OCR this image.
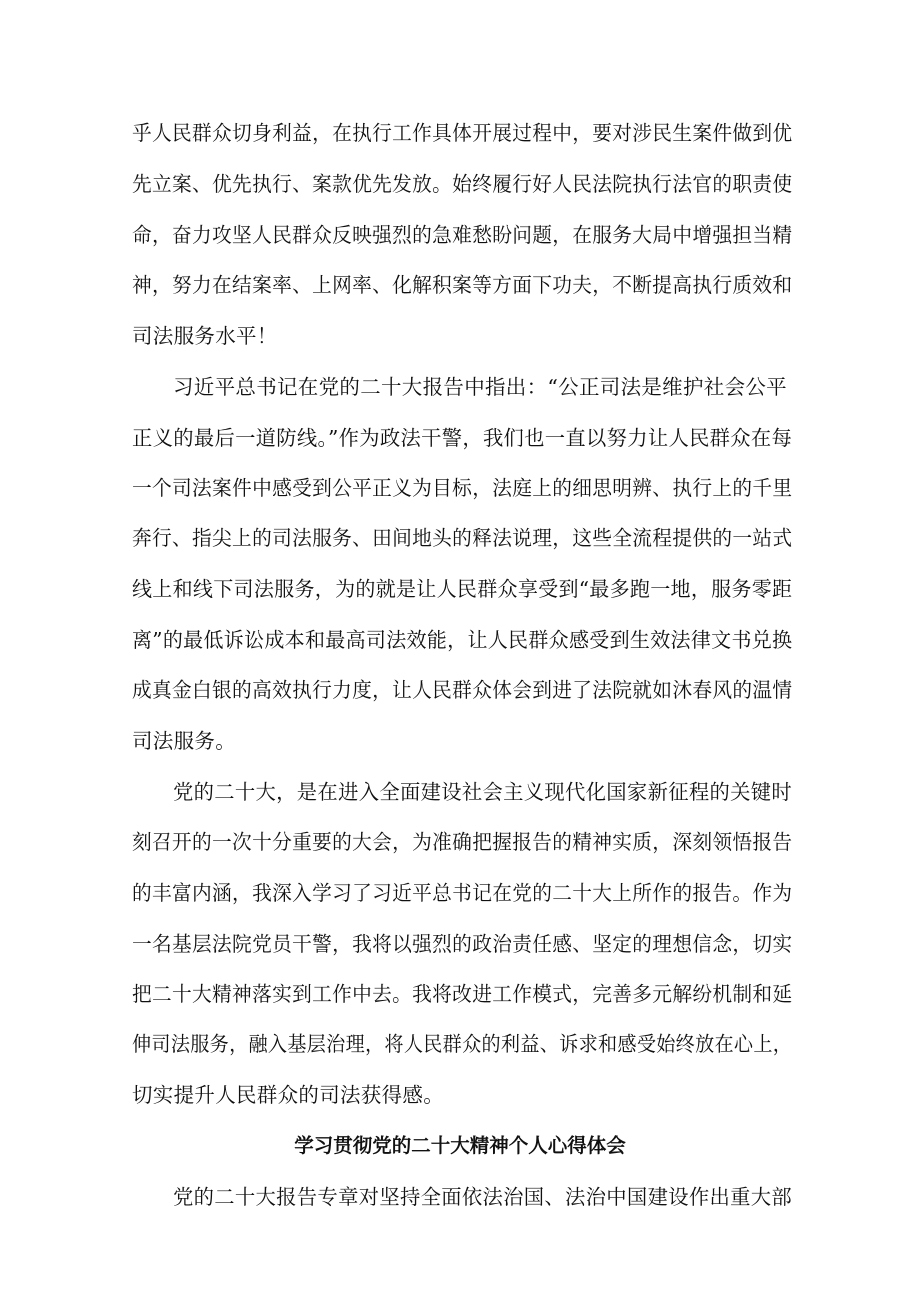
乎人民群众切身利益，在执行工作具体开展过程中，要对涉民生案件做到优
先立案、优先执行、案款优先发放。始终履行好人民法院执行法官的职责使
命，奋力攻坚人民群众反映强烈的急难愁盼问题，在服务大局中增强担当精
神，努力在结案率、上网率、化解积案等方面下功夫，不断提高执行质效和
司法服务水平！
习近平总书记在党的二十大报告中指出：“公正司法是维护社会公平
正义的最后一道防线。”作为政法干警，我们也一直以努力让人民群众在每
一个司法案件中感受到公平正义为目标，法庭上的细思明辨、执行上的千里
奔行、指尖上的司法服务、田间地头的释法说理，这些全流程提供的一站式
线上和线下司法服务，为的就是让人民群众享受到“最多跑一地，服务零距
离”的最低诉讼成本和最高司法效能，让人民群众感受到生效法律文书兑换
成真金白银的高效执行力度，让人民群众体会到进了法院就如沐春风的温情
司法服务。
党的二十大，是在进入全面建设社会主义现代化国家新征程的关键时
刻召开的一次十分重要的大会，为准确把握报告的精神实质，深刻领悟报告
的丰富内涵，我深入学习了习近平总书记在党的二十大上所作的报告。作为
一名基层法院党员干警，我将以强烈的政治责任感、坚定的理想信念，切实
把二十大精神落实到工作中去。我将改进工作模式，完善多元解纷机制和延
伸司法服务，融入基层治理，将人民群众的利益、诉求和感受始终放在心上，
切实提升人民群众的司法获得感。
学习贯彻党的二十大精神个人心得体会
党的二十大报告专章对坚持全面依法治国、法治中国建设作出重大部
